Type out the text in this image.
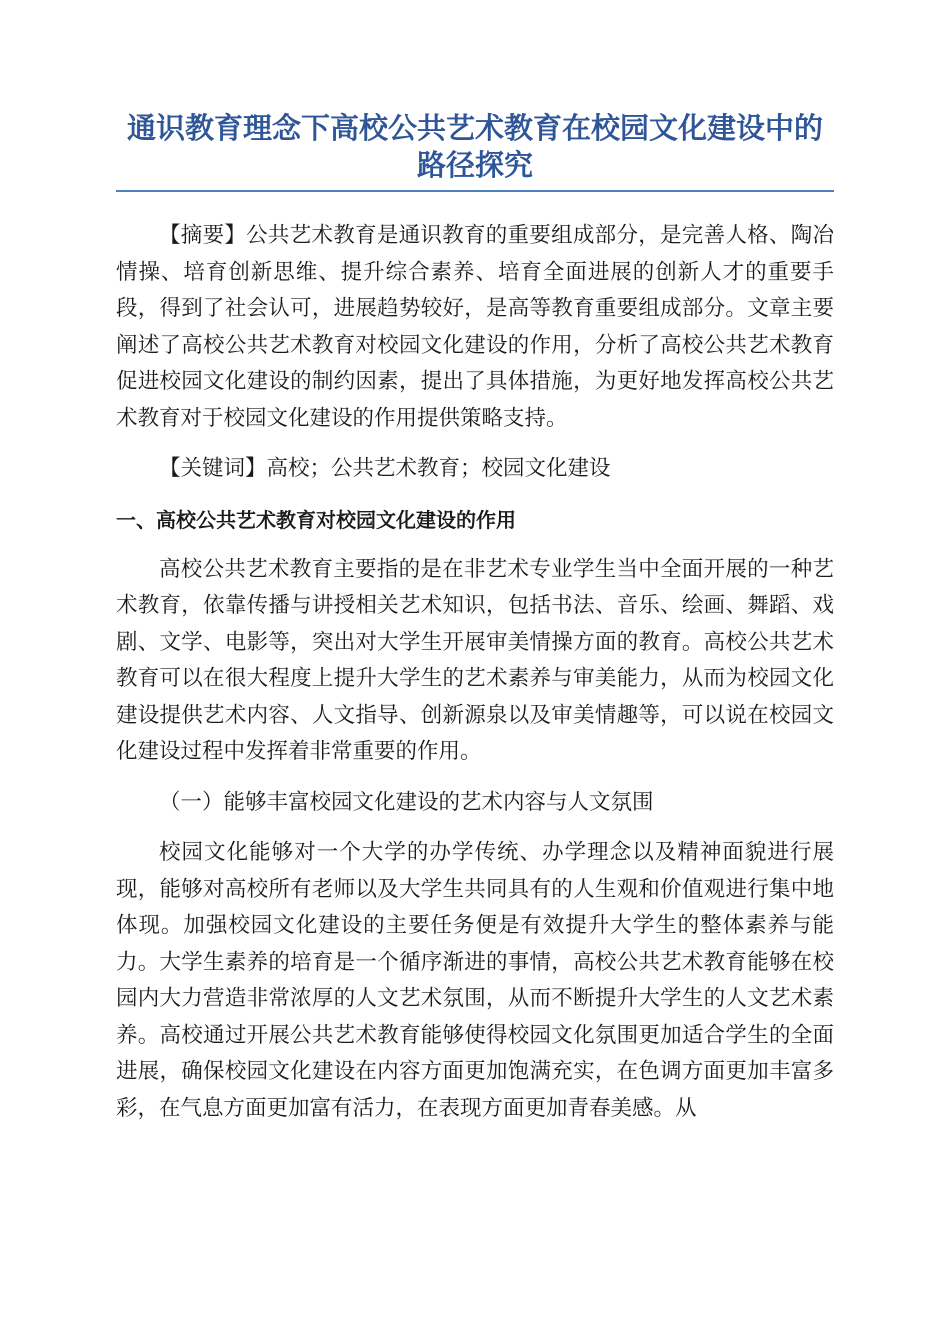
通识教育理念下高校公共艺术教育在校园文化建设中的路径探究

【摘要】公共艺术教育是通识教育的重要组成部分，是完善人格、陶冶情操、培育创新思维、提升综合素养、培育全面进展的创新人才的重要手段，得到了社会认可，进展趋势较好，是高等教育重要组成部分。文章主要阐述了高校公共艺术教育对校园文化建设的作用，分析了高校公共艺术教育促进校园文化建设的制约因素，提出了具体措施，为更好地发挥高校公共艺术教育对于校园文化建设的作用提供策略支持。

【关键词】高校；公共艺术教育；校园文化建设

一、高校公共艺术教育对校园文化建设的作用

高校公共艺术教育主要指的是在非艺术专业学生当中全面开展的一种艺术教育，依靠传播与讲授相关艺术知识，包括书法、音乐、绘画、舞蹈、戏剧、文学、电影等，突出对大学生开展审美情操方面的教育。高校公共艺术教育可以在很大程度上提升大学生的艺术素养与审美能力，从而为校园文化建设提供艺术内容、人文指导、创新源泉以及审美情趣等，可以说在校园文化建设过程中发挥着非常重要的作用。

（一）能够丰富校园文化建设的艺术内容与人文氛围

校园文化能够对一个大学的办学传统、办学理念以及精神面貌进行展现，能够对高校所有老师以及大学生共同具有的人生观和价值观进行集中地体现。加强校园文化建设的主要任务便是有效提升大学生的整体素养与能力。大学生素养的培育是一个循序渐进的事情，高校公共艺术教育能够在校园内大力营造非常浓厚的人文艺术氛围，从而不断提升大学生的人文艺术素养。高校通过开展公共艺术教育能够使得校园文化氛围更加适合学生的全面进展，确保校园文化建设在内容方面更加饱满充实，在色调方面更加丰富多彩，在气息方面更加富有活力，在表现方面更加青春美感。从
